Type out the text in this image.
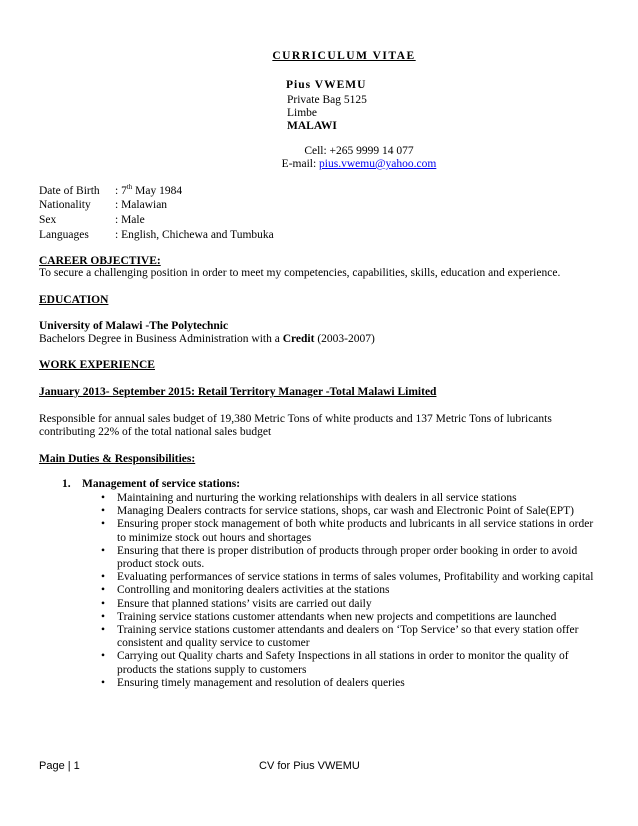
CURRICULUM VITAE
Pius VWEMU
Private Bag 5125
Limbe
MALAWI
Cell: +265 9999 14 077
E-mail: pius.vwemu@yahoo.com
Date of Birth : 7th May 1984
Nationality : Malawian
Sex	: Male
Languages : English, Chichewa and Tumbuka
CAREER OBJECTIVE:
To secure a challenging position in order to meet my competencies, capabilities, skills, education and experience.
EDUCATION
University of Malawi -The Polytechnic
Bachelors Degree in Business Administration with a Credit (2003-2007)
WORK EXPERIENCE
January 2013- September 2015: Retail Territory Manager -Total Malawi Limited
Responsible for annual sales budget of 19,380 Metric Tons of white products and 137 Metric Tons of lubricants
contributing 22% of the total national sales budget
Main Duties & Responsibilities:
1. Management of service stations:
• Maintaining and nurturing the working relationships with dealers in all service stations
• Managing Dealers contracts for service stations, shops, car wash and Electronic Point of Sale(EPT)
• Ensuring proper stock management of both white products and lubricants in all service stations in order to minimize stock out hours and shortages
• Ensuring that there is proper distribution of products through proper order booking in order to avoid product stock outs.
• Evaluating performances of service stations in terms of sales volumes, Profitability and working capital
• Controlling and monitoring dealers activities at the stations
• Ensure that planned stations’ visits are carried out daily
• Training service stations customer attendants when new projects and competitions are launched
• Training service stations customer attendants and dealers on ‘Top Service’ so that every station offer consistent and quality service to customer
• Carrying out Quality charts and Safety Inspections in all stations in order to monitor the quality of products the stations supply to customers
• Ensuring timely management and resolution of dealers queries
Page | 1	CV for Pius VWEMU
